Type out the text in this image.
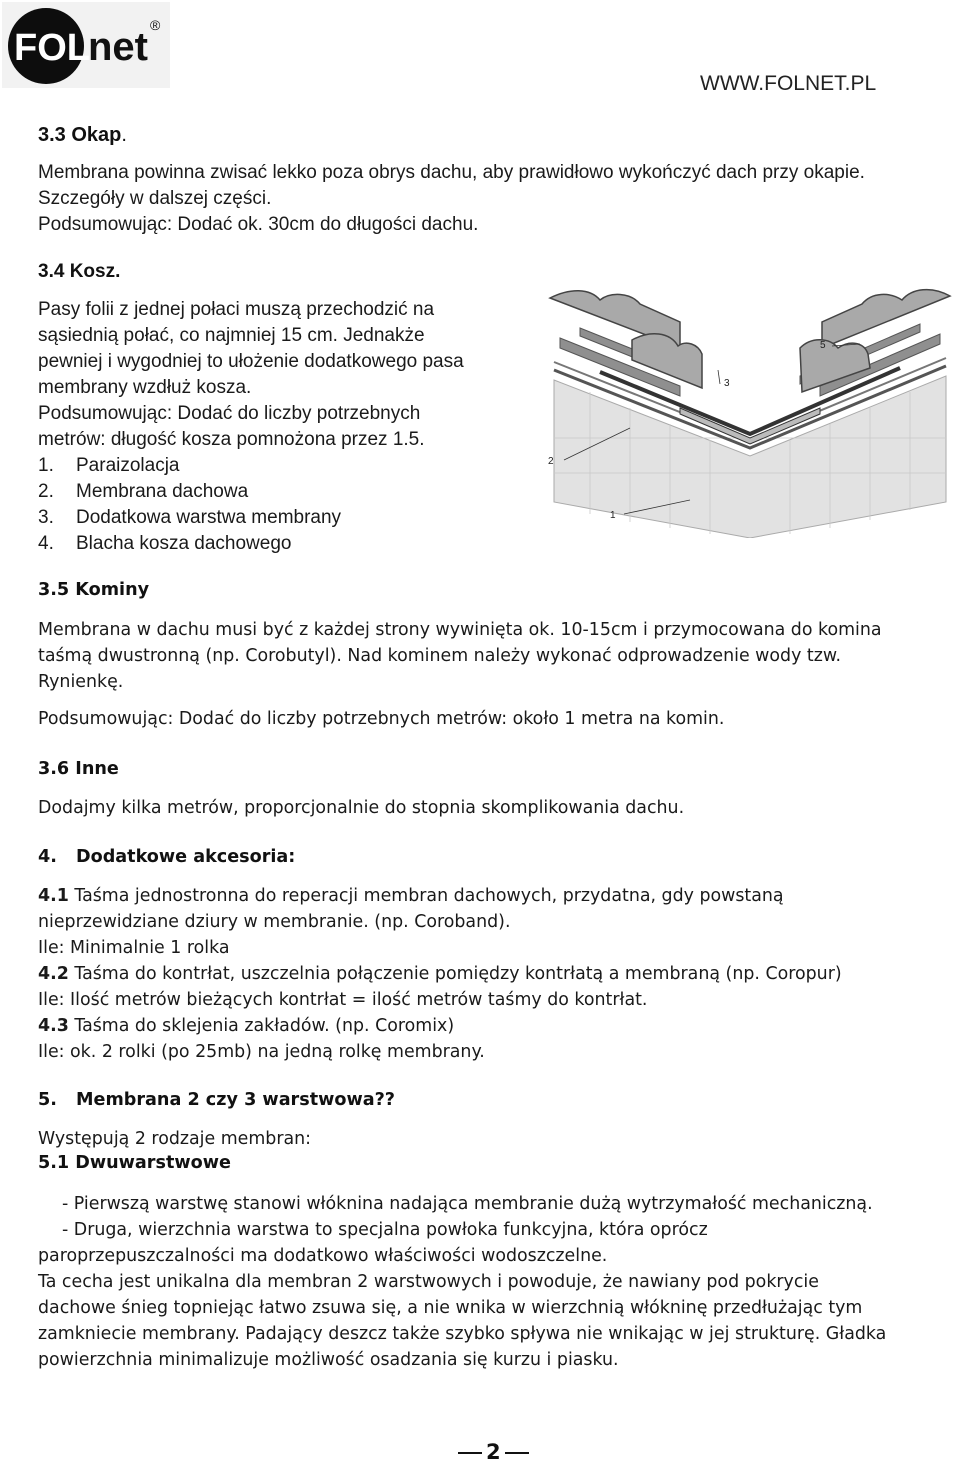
FOL
net ®
WWW.FOLNET.PL
3.3 Okap.
Membrana powinna zwisać lekko poza obrys dachu, aby prawidłowo wykończyć dach przy okapie.
Szczegóły w dalszej części.
Podsumowując: Dodać ok. 30cm do długości dachu.
3.4 Kosz.
Pasy folii z jednej połaci muszą przechodzić na
sąsiednią połać, co najmniej 15 cm. Jednakże
pewniej i wygodniej to ułożenie dodatkowego pasa
membrany wzdłuż kosza.
Podsumowując: Dodać do liczby potrzebnych
metrów: długość kosza pomnożona przez 1.5.
1. Paraizolacja
2. Membrana dachowa
3. Dodatkowa warstwa membrany
4. Blacha kosza dachowego
5
3
2
1
3.5 Kominy
Membrana w dachu musi być z każdej strony wywinięta ok. 10-15cm i przymocowana do komina
taśmą dwustronną (np. Corobutyl). Nad kominem należy wykonać odprowadzenie wody tzw.
Rynienkę.
Podsumowując: Dodać do liczby potrzebnych metrów: około 1 metra na komin.
3.6 Inne
Dodajmy kilka metrów, proporcjonalnie do stopnia skomplikowania dachu.
4. Dodatkowe akcesoria:
4.1 Taśma jednostronna do reperacji membran dachowych, przydatna, gdy powstaną
nieprzewidziane dziury w membranie. (np. Coroband).
Ile: Minimalnie 1 rolka
4.2 Taśma do kontrłat, uszczelnia połączenie pomiędzy kontrłatą a membraną (np. Coropur)
Ile: Ilość metrów bieżących kontrłat = ilość metrów taśmy do kontrłat.
4.3 Taśma do sklejenia zakładów. (np. Coromix)
Ile: ok. 2 rolki (po 25mb) na jedną rolkę membrany.
5. Membrana 2 czy 3 warstwowa??
Występują 2 rodzaje membran:
5.1 Dwuwarstwowe
- Pierwszą warstwę stanowi włóknina nadająca membranie dużą wytrzymałość mechaniczną.
- Druga, wierzchnia warstwa to specjalna powłoka funkcyjna, która oprócz
paroprzepuszczalności ma dodatkowo właściwości wodoszczelne.
Ta cecha jest unikalna dla membran 2 warstwowych i powoduje, że nawiany pod pokrycie
dachowe śnieg topniejąc łatwo zsuwa się, a nie wnika w wierzchnią włókninę przedłużając tym
zamkniecie membrany. Padający deszcz także szybko spływa nie wnikając w jej strukturę. Gładka
powierzchnia minimalizuje możliwość osadzania się kurzu i piasku.
2
